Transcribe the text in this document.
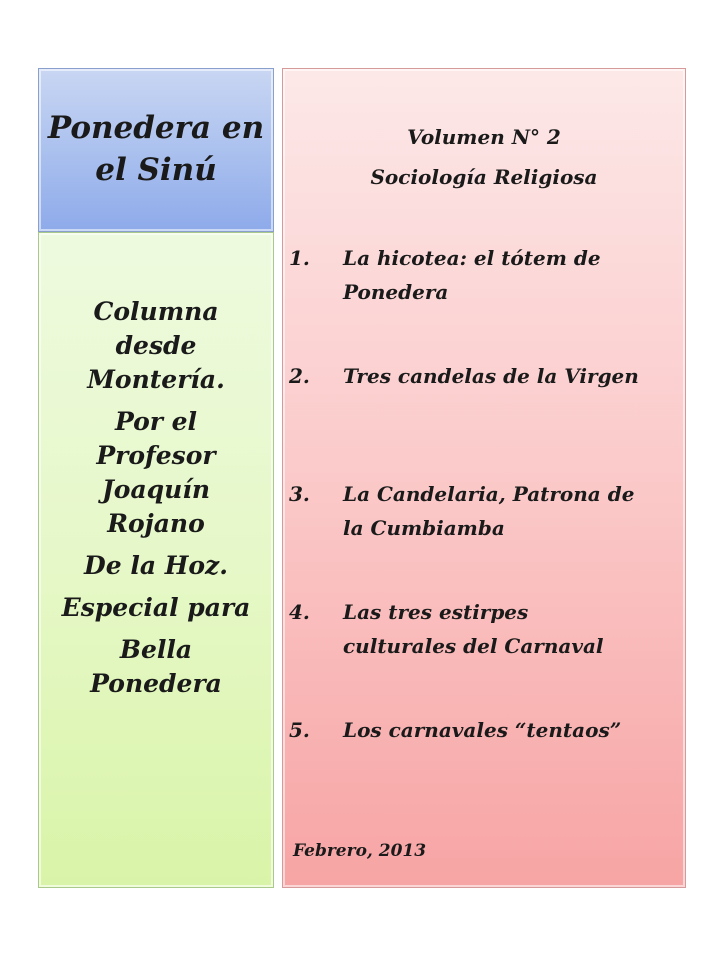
Ponedera en el Sinú
Columna
desde
Montería.
Por el
Profesor
Joaquín
Rojano
De la Hoz.
Especial para
Bella
Ponedera
Volumen N° 2
Sociología Religiosa
1.	La hicotea: el tótem de Ponedera
2.	Tres candelas de la Virgen
3.	La Candelaria, Patrona de la Cumbiamba
4.	Las tres estirpes culturales del Carnaval
5.	Los carnavales “tentaos”
Febrero, 2013
